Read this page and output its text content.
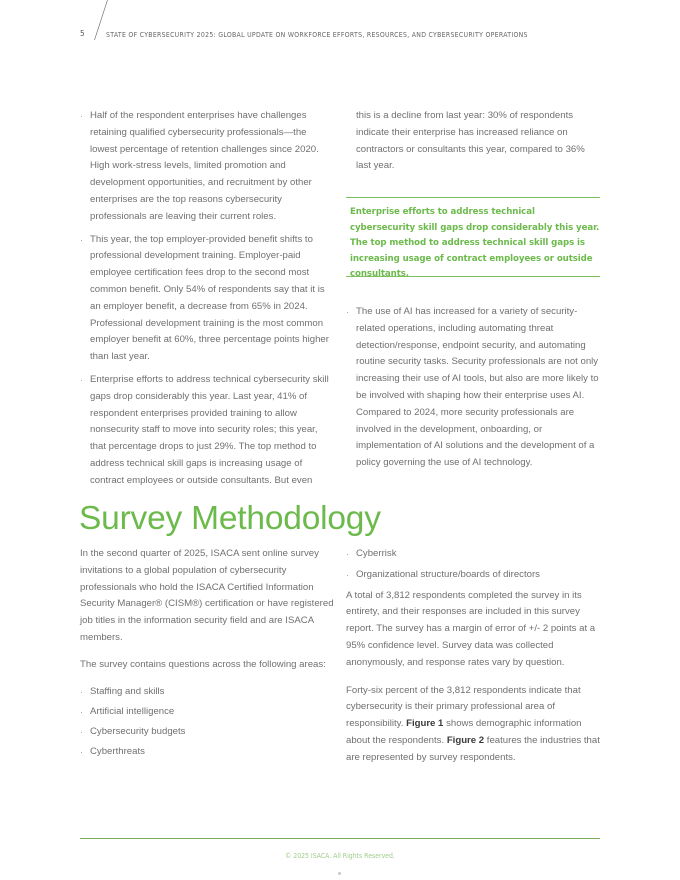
5	STATE OF CYBERSECURITY 2025: GLOBAL UPDATE ON WORKFORCE EFFORTS, RESOURCES, AND CYBERSECURITY OPERATIONS
· Half of the respondent enterprises have challenges retaining qualified cybersecurity professionals—the lowest percentage of retention challenges since 2020. High work-stress levels, limited promotion and development opportunities, and recruitment by other enterprises are the top reasons cybersecurity professionals are leaving their current roles.
· This year, the top employer-provided benefit shifts to professional development training. Employer-paid employee certification fees drop to the second most common benefit. Only 54% of respondents say that it is an employer benefit, a decrease from 65% in 2024. Professional development training is the most common employer benefit at 60%, three percentage points higher than last year.
· Enterprise efforts to address technical cybersecurity skill gaps drop considerably this year. Last year, 41% of respondent enterprises provided training to allow nonsecurity staff to move into security roles; this year, that percentage drops to just 29%. The top method to address technical skill gaps is increasing usage of contract employees or outside consultants. But even

this is a decline from last year: 30% of respondents indicate their enterprise has increased reliance on contractors or consultants this year, compared to 36% last year.

Enterprise efforts to address technical cybersecurity skill gaps drop considerably this year. The top method to address technical skill gaps is increasing usage of contract employees or outside consultants.

· The use of AI has increased for a variety of security-related operations, including automating threat detection/response, endpoint security, and automating routine security tasks. Security professionals are not only increasing their use of AI tools, but also are more likely to be involved with shaping how their enterprise uses AI. Compared to 2024, more security professionals are involved in the development, onboarding, or implementation of AI solutions and the development of a policy governing the use of AI technology.
Survey Methodology

In the second quarter of 2025, ISACA sent online survey invitations to a global population of cybersecurity professionals who hold the ISACA Certified Information Security Manager® (CISM®) certification or have registered job titles in the information security field and are ISACA members.

The survey contains questions across the following areas:

· Staffing and skills
· Artificial intelligence
· Cybersecurity budgets
· Cyberthreats
· Cyberrisk
· Organizational structure/boards of directors

A total of 3,812 respondents completed the survey in its entirety, and their responses are included in this survey report. The survey has a margin of error of +/- 2 points at a 95% confidence level. Survey data was collected anonymously, and response rates vary by question.

Forty-six percent of the 3,812 respondents indicate that cybersecurity is their primary professional area of responsibility. Figure 1 shows demographic information about the respondents. Figure 2 features the industries that are represented by survey respondents.

© 2025 ISACA. All Rights Reserved.
